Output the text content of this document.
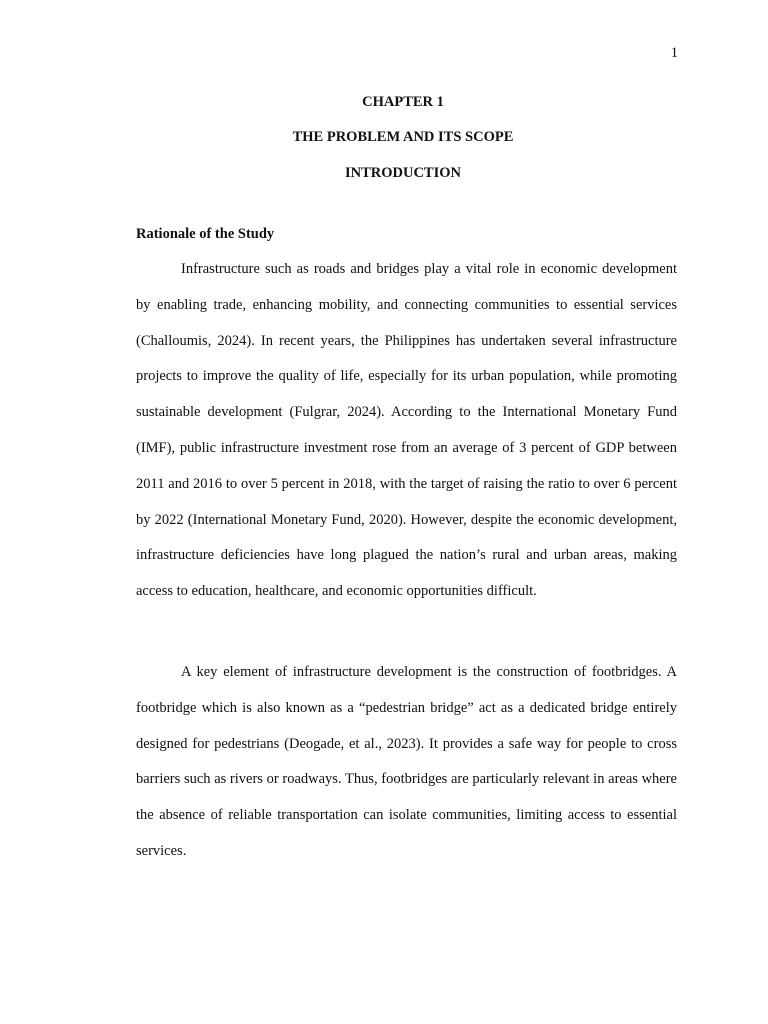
1
CHAPTER 1
THE PROBLEM AND ITS SCOPE
INTRODUCTION
Rationale of the Study

Infrastructure such as roads and bridges play a vital role in economic development by enabling trade, enhancing mobility, and connecting communities to essential services (Challoumis, 2024). In recent years, the Philippines has undertaken several infrastructure projects to improve the quality of life, especially for its urban population, while promoting sustainable development (Fulgrar, 2024). According to the International Monetary Fund (IMF), public infrastructure investment rose from an average of 3 percent of GDP between 2011 and 2016 to over 5 percent in 2018, with the target of raising the ratio to over 6 percent by 2022 (International Monetary Fund, 2020). However, despite the economic development, infrastructure deficiencies have long plagued the nation’s rural and urban areas, making access to education, healthcare, and economic opportunities difficult.

A key element of infrastructure development is the construction of footbridges. A footbridge which is also known as a “pedestrian bridge” act as a dedicated bridge entirely designed for pedestrians (Deogade, et al., 2023). It provides a safe way for people to cross barriers such as rivers or roadways. Thus, footbridges are particularly relevant in areas where the absence of reliable transportation can isolate communities, limiting access to essential services.
